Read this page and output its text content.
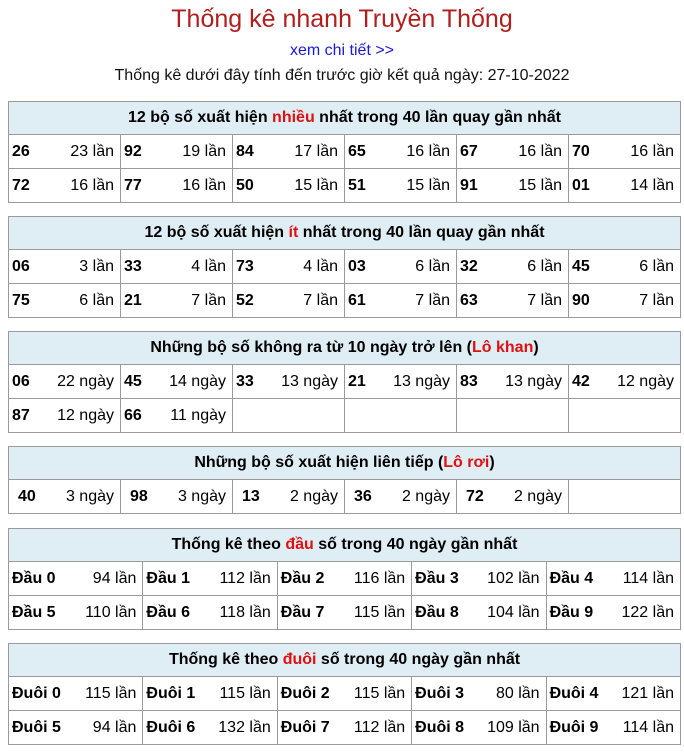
Thống kê nhanh Truyền Thống
xem chi tiết >>
Thống kê dưới đây tính đến trước giờ kết quả ngày: 27-10-2022
12 bộ số xuất hiện nhiều nhất trong 40 lần quay gần nhất					
26 23 lần	92 19 lần	84 17 lần	65 16 lần	67 16 lần	70 16 lần

72 16 lần	77 16 lần	50 15 lần	51 15 lần	91 15 lần	01 14 lần
12 bộ số xuất hiện ít nhất trong 40 lần quay gần nhất					
06 3 lần	33 4 lần	73 4 lần	03 6 lần	32 6 lần	45 6 lần

75 6 lần	21 7 lần	52 7 lần	61 7 lần	63 7 lần	90 7 lần
Những bộ số không ra từ 10 ngày trở lên (Lô khan)					
06 22 ngày	45 14 ngày	33 13 ngày	21 13 ngày	83 13 ngày	42 12 ngày

87 12 ngày	66 11 ngày				

Những bộ số xuất hiện liên tiếp (Lô rơi)
40 3 ngày	98 3 ngày	13 2 ngày	36 2 ngày	72 2 ngày

Thống kê theo đầu số trong 40 ngày gần nhất				
Đầu 0 94 lần	Đầu 1 112 lần	Đầu 2 116 lần	Đầu 3 102 lần	Đầu 4 114 lần

Đầu 5 110 lần	Đầu 6 118 lần	Đầu 7 115 lần	Đầu 8 104 lần	Đầu 9 122 lần
Thống kê theo đuôi số trong 40 ngày gần nhất				
Đuôi 0 115 lần	Đuôi 1 115 lần	Đuôi 2 115 lần	Đuôi 3 80 lần	Đuôi 4 121 lần

Đuôi 5 94 lần	Đuôi 6 132 lần	Đuôi 7 112 lần	Đuôi 8 109 lần	Đuôi 9 114 lần
